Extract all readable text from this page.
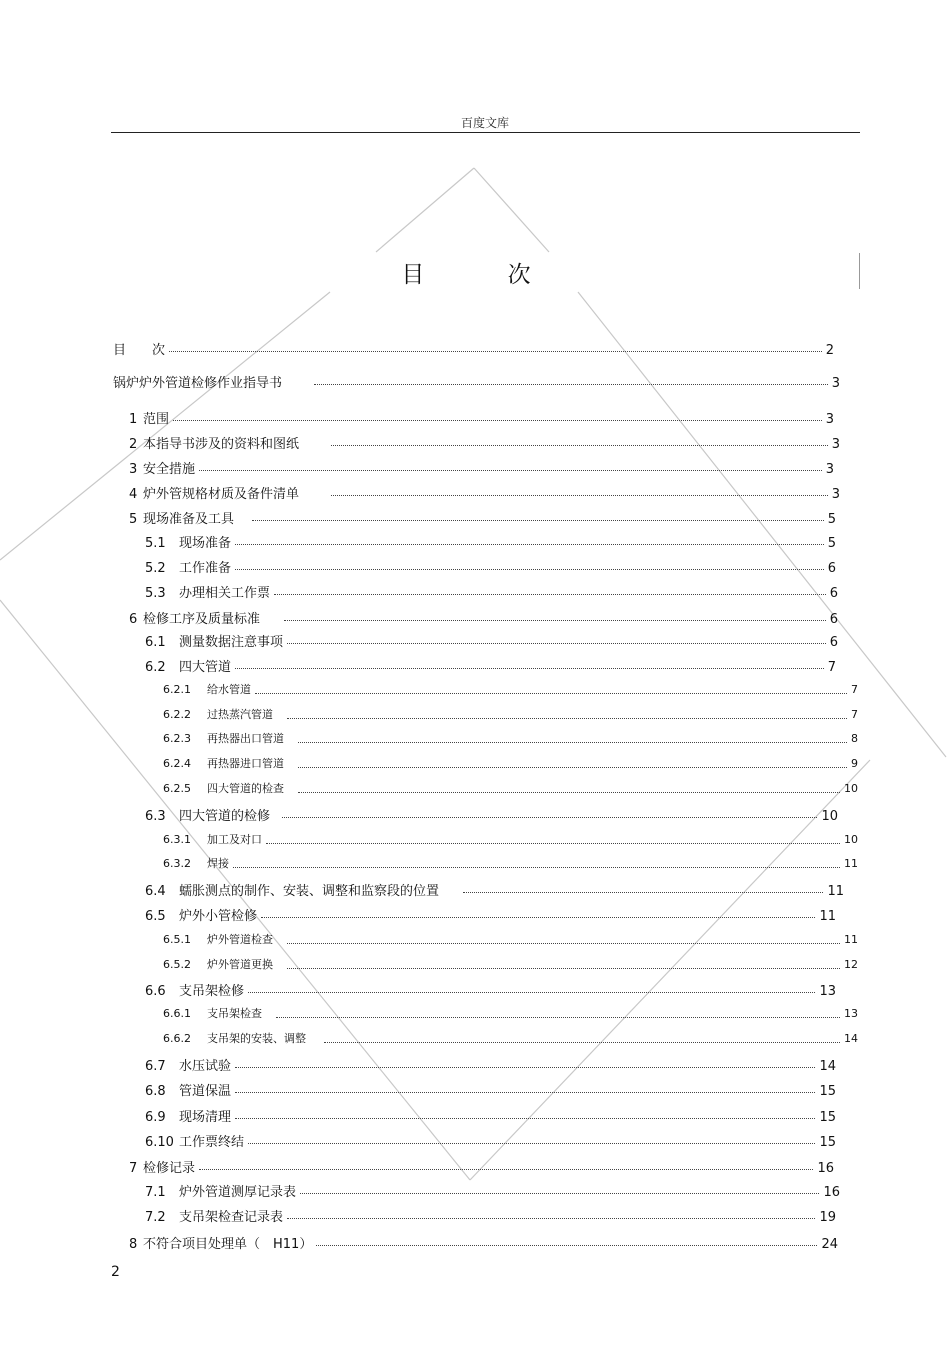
百度文库
目 次
目　　次	2
锅炉炉外管道检修作业指导书	3
1 范围	3
2 本指导书涉及的资料和图纸	3
3 安全措施	3
4 炉外管规格材质及备件清单	3
5 现场准备及工具	5
5.1	现场准备	5
5.2	工作准备	6
5.3	办理相关工作票	6
6 检修工序及质量标准	6
6.1	测量数据注意事项	6
6.2	四大管道	7
6.2.1	给水管道	7
6.2.2	过热蒸汽管道	7
6.2.3	再热器出口管道	8
6.2.4	再热器进口管道	9
6.2.5	四大管道的检查	10
6.3	四大管道的检修	10
6.3.1	加工及对口	10
6.3.2	焊接	11
6.4	蠕胀测点的制作、安装、调整和监察段的位置	11
6.5	炉外小管检修	11
6.5.1	炉外管道检查	11
6.5.2	炉外管道更换	12
6.6	支吊架检修	13
6.6.1	支吊架检查	13
6.6.2	支吊架的安装、调整	14
6.7	水压试验	14
6.8	管道保温	15
6.9	现场清理	15
6.10 工作票终结	15
7 检修记录	16
7.1	炉外管道测厚记录表	16
7.2	支吊架检查记录表	19
8 不符合项目处理单（　H11）	24
2
